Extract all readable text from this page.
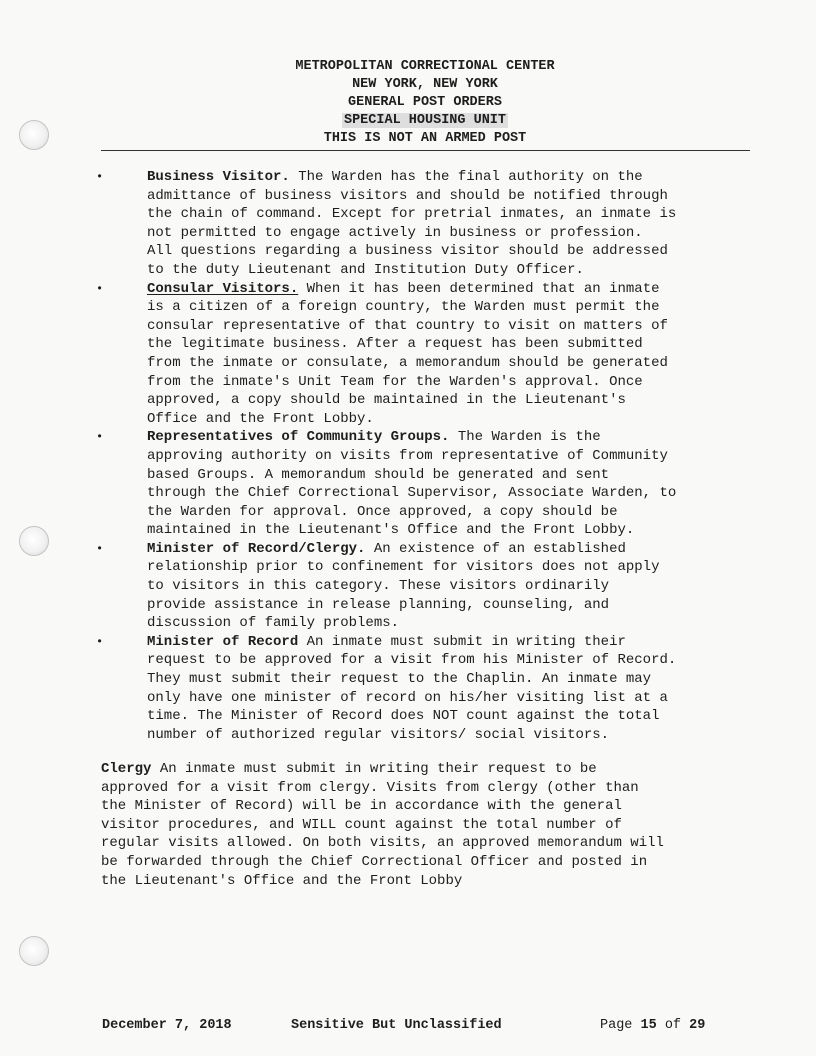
METROPOLITAN CORRECTIONAL CENTER
NEW YORK, NEW YORK
GENERAL POST ORDERS
SPECIAL HOUSING UNIT
THIS IS NOT AN ARMED POST
•	Business Visitor. The Warden has the final authority on the
admittance of business visitors and should be notified through
the chain of command. Except for pretrial inmates, an inmate is
not permitted to engage actively in business or profession.
All questions regarding a business visitor should be addressed
to the duty Lieutenant and Institution Duty Officer.

•	Consular Visitors. When it has been determined that an inmate
is a citizen of a foreign country, the Warden must permit the
consular representative of that country to visit on matters of
the legitimate business. After a request has been submitted
from the inmate or consulate, a memorandum should be generated
from the inmate's Unit Team for the Warden's approval. Once
approved, a copy should be maintained in the Lieutenant's
Office and the Front Lobby.

•	Representatives of Community Groups. The Warden is the
approving authority on visits from representative of Community
based Groups. A memorandum should be generated and sent
through the Chief Correctional Supervisor, Associate Warden, to
the Warden for approval. Once approved, a copy should be
maintained in the Lieutenant's Office and the Front Lobby.

•	Minister of Record/Clergy. An existence of an established
relationship prior to confinement for visitors does not apply
to visitors in this category. These visitors ordinarily
provide assistance in release planning, counseling, and
discussion of family problems.

•	Minister of Record An inmate must submit in writing their
request to be approved for a visit from his Minister of Record.
They must submit their request to the Chaplin. An inmate may
only have one minister of record on his/her visiting list at a
time. The Minister of Record does NOT count against the total
number of authorized regular visitors/ social visitors.

Clergy An inmate must submit in writing their request to be
approved for a visit from clergy. Visits from clergy (other than
the Minister of Record) will be in accordance with the general
visitor procedures, and WILL count against the total number of
regular visits allowed. On both visits, an approved memorandum will
be forwarded through the Chief Correctional Officer and posted in
the Lieutenant's Office and the Front Lobby

December 7, 2018	Sensitive But Unclassified	Page 15 of 29
